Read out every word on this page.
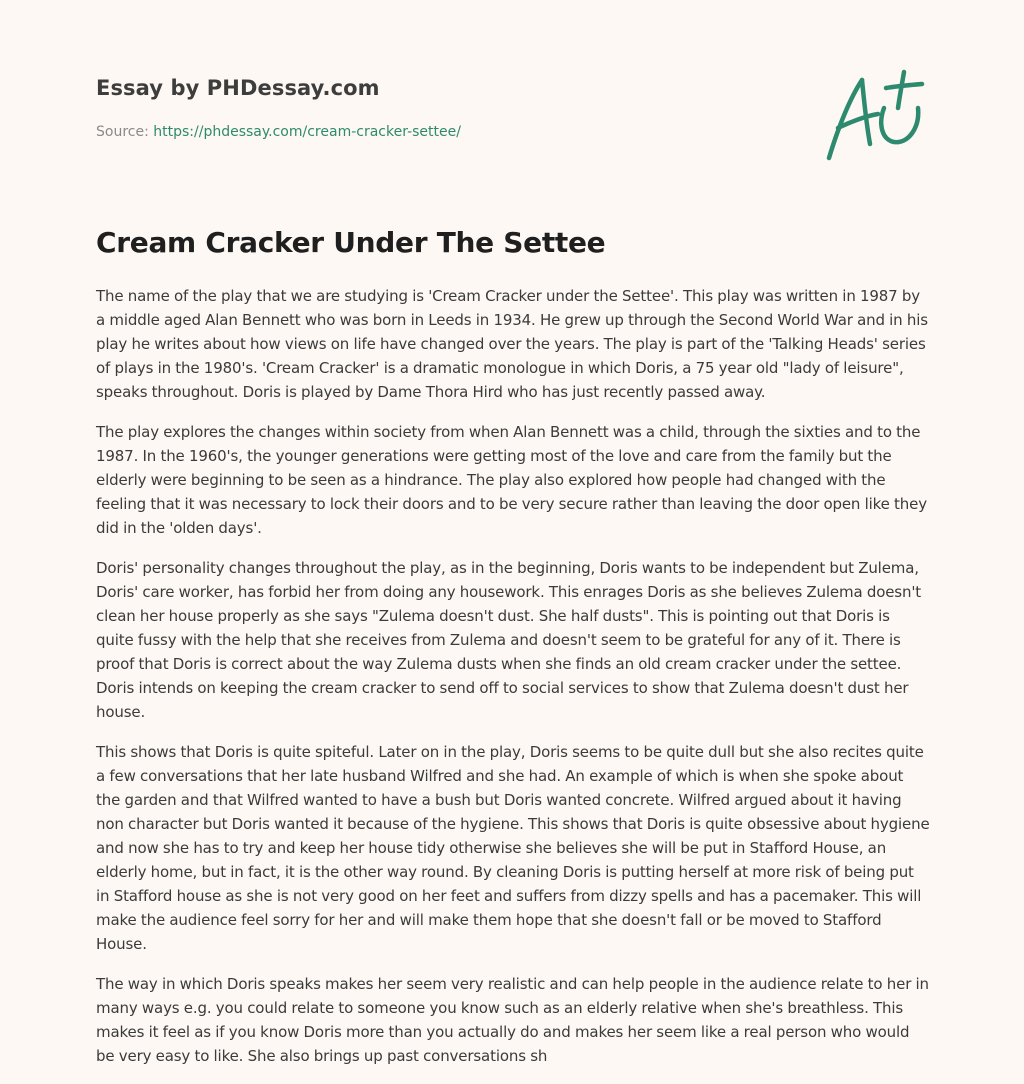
Essay by PHDessay.com
Source: https://phdessay.com/cream-cracker-settee/
Cream Cracker Under The Settee

The name of the play that we are studying is 'Cream Cracker under the Settee'. This play was written in 1987 by a middle aged Alan Bennett who was born in Leeds in 1934. He grew up through the Second World War and in his play he writes about how views on life have changed over the years. The play is part of the 'Talking Heads' series of plays in the 1980's. 'Cream Cracker' is a dramatic monologue in which Doris, a 75 year old "lady of leisure", speaks throughout. Doris is played by Dame Thora Hird who has just recently passed away.

The play explores the changes within society from when Alan Bennett was a child, through the sixties and to the 1987. In the 1960's, the younger generations were getting most of the love and care from the family but the elderly were beginning to be seen as a hindrance. The play also explored how people had changed with the feeling that it was necessary to lock their doors and to be very secure rather than leaving the door open like they did in the 'olden days'.

Doris' personality changes throughout the play, as in the beginning, Doris wants to be independent but Zulema, Doris' care worker, has forbid her from doing any housework. This enrages Doris as she believes Zulema doesn't clean her house properly as she says "Zulema doesn't dust. She half dusts". This is pointing out that Doris is quite fussy with the help that she receives from Zulema and doesn't seem to be grateful for any of it. There is proof that Doris is correct about the way Zulema dusts when she finds an old cream cracker under the settee. Doris intends on keeping the cream cracker to send off to social services to show that Zulema doesn't dust her house.

This shows that Doris is quite spiteful. Later on in the play, Doris seems to be quite dull but she also recites quite a few conversations that her late husband Wilfred and she had. An example of which is when she spoke about the garden and that Wilfred wanted to have a bush but Doris wanted concrete. Wilfred argued about it having non character but Doris wanted it because of the hygiene. This shows that Doris is quite obsessive about hygiene and now she has to try and keep her house tidy otherwise she believes she will be put in Stafford House, an elderly home, but in fact, it is the other way round. By cleaning Doris is putting herself at more risk of being put in Stafford house as she is not very good on her feet and suffers from dizzy spells and has a pacemaker. This will make the audience feel sorry for her and will make them hope that she doesn't fall or be moved to Stafford House.

The way in which Doris speaks makes her seem very realistic and can help people in the audience relate to her in many ways e.g. you could relate to someone you know such as an elderly relative when she's breathless. This makes it feel as if you know Doris more than you actually do and makes her seem like a real person who would be very easy to like. She also brings up past conversations sh
